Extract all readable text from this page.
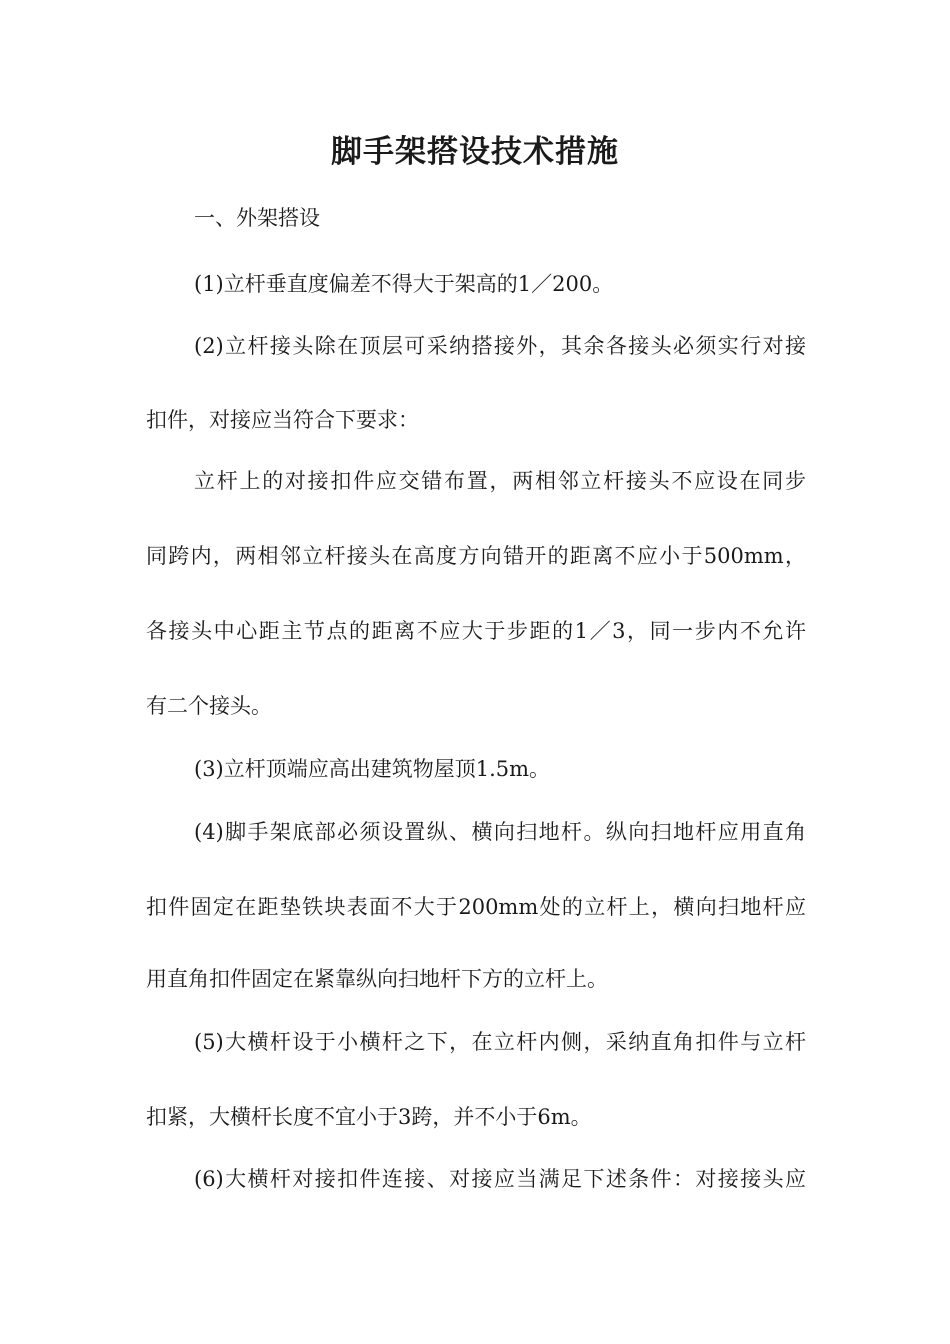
脚手架搭设技术措施
一、外架搭设
(1)立杆垂直度偏差不得大于架高的1／200。
(2)立杆接头除在顶层可采纳搭接外，其余各接头必须实行对接
扣件，对接应当符合下要求：
立杆上的对接扣件应交错布置，两相邻立杆接头不应设在同步
同跨内，两相邻立杆接头在高度方向错开的距离不应小于500mm，
各接头中心距主节点的距离不应大于步距的1／3，同一步内不允许
有二个接头。
(3)立杆顶端应高出建筑物屋顶1.5m。
(4)脚手架底部必须设置纵、横向扫地杆。纵向扫地杆应用直角
扣件固定在距垫铁块表面不大于200mm处的立杆上，横向扫地杆应
用直角扣件固定在紧靠纵向扫地杆下方的立杆上。
(5)大横杆设于小横杆之下，在立杆内侧，采纳直角扣件与立杆
扣紧，大横杆长度不宜小于3跨，并不小于6m。
(6)大横杆对接扣件连接、对接应当满足下述条件：对接接头应
